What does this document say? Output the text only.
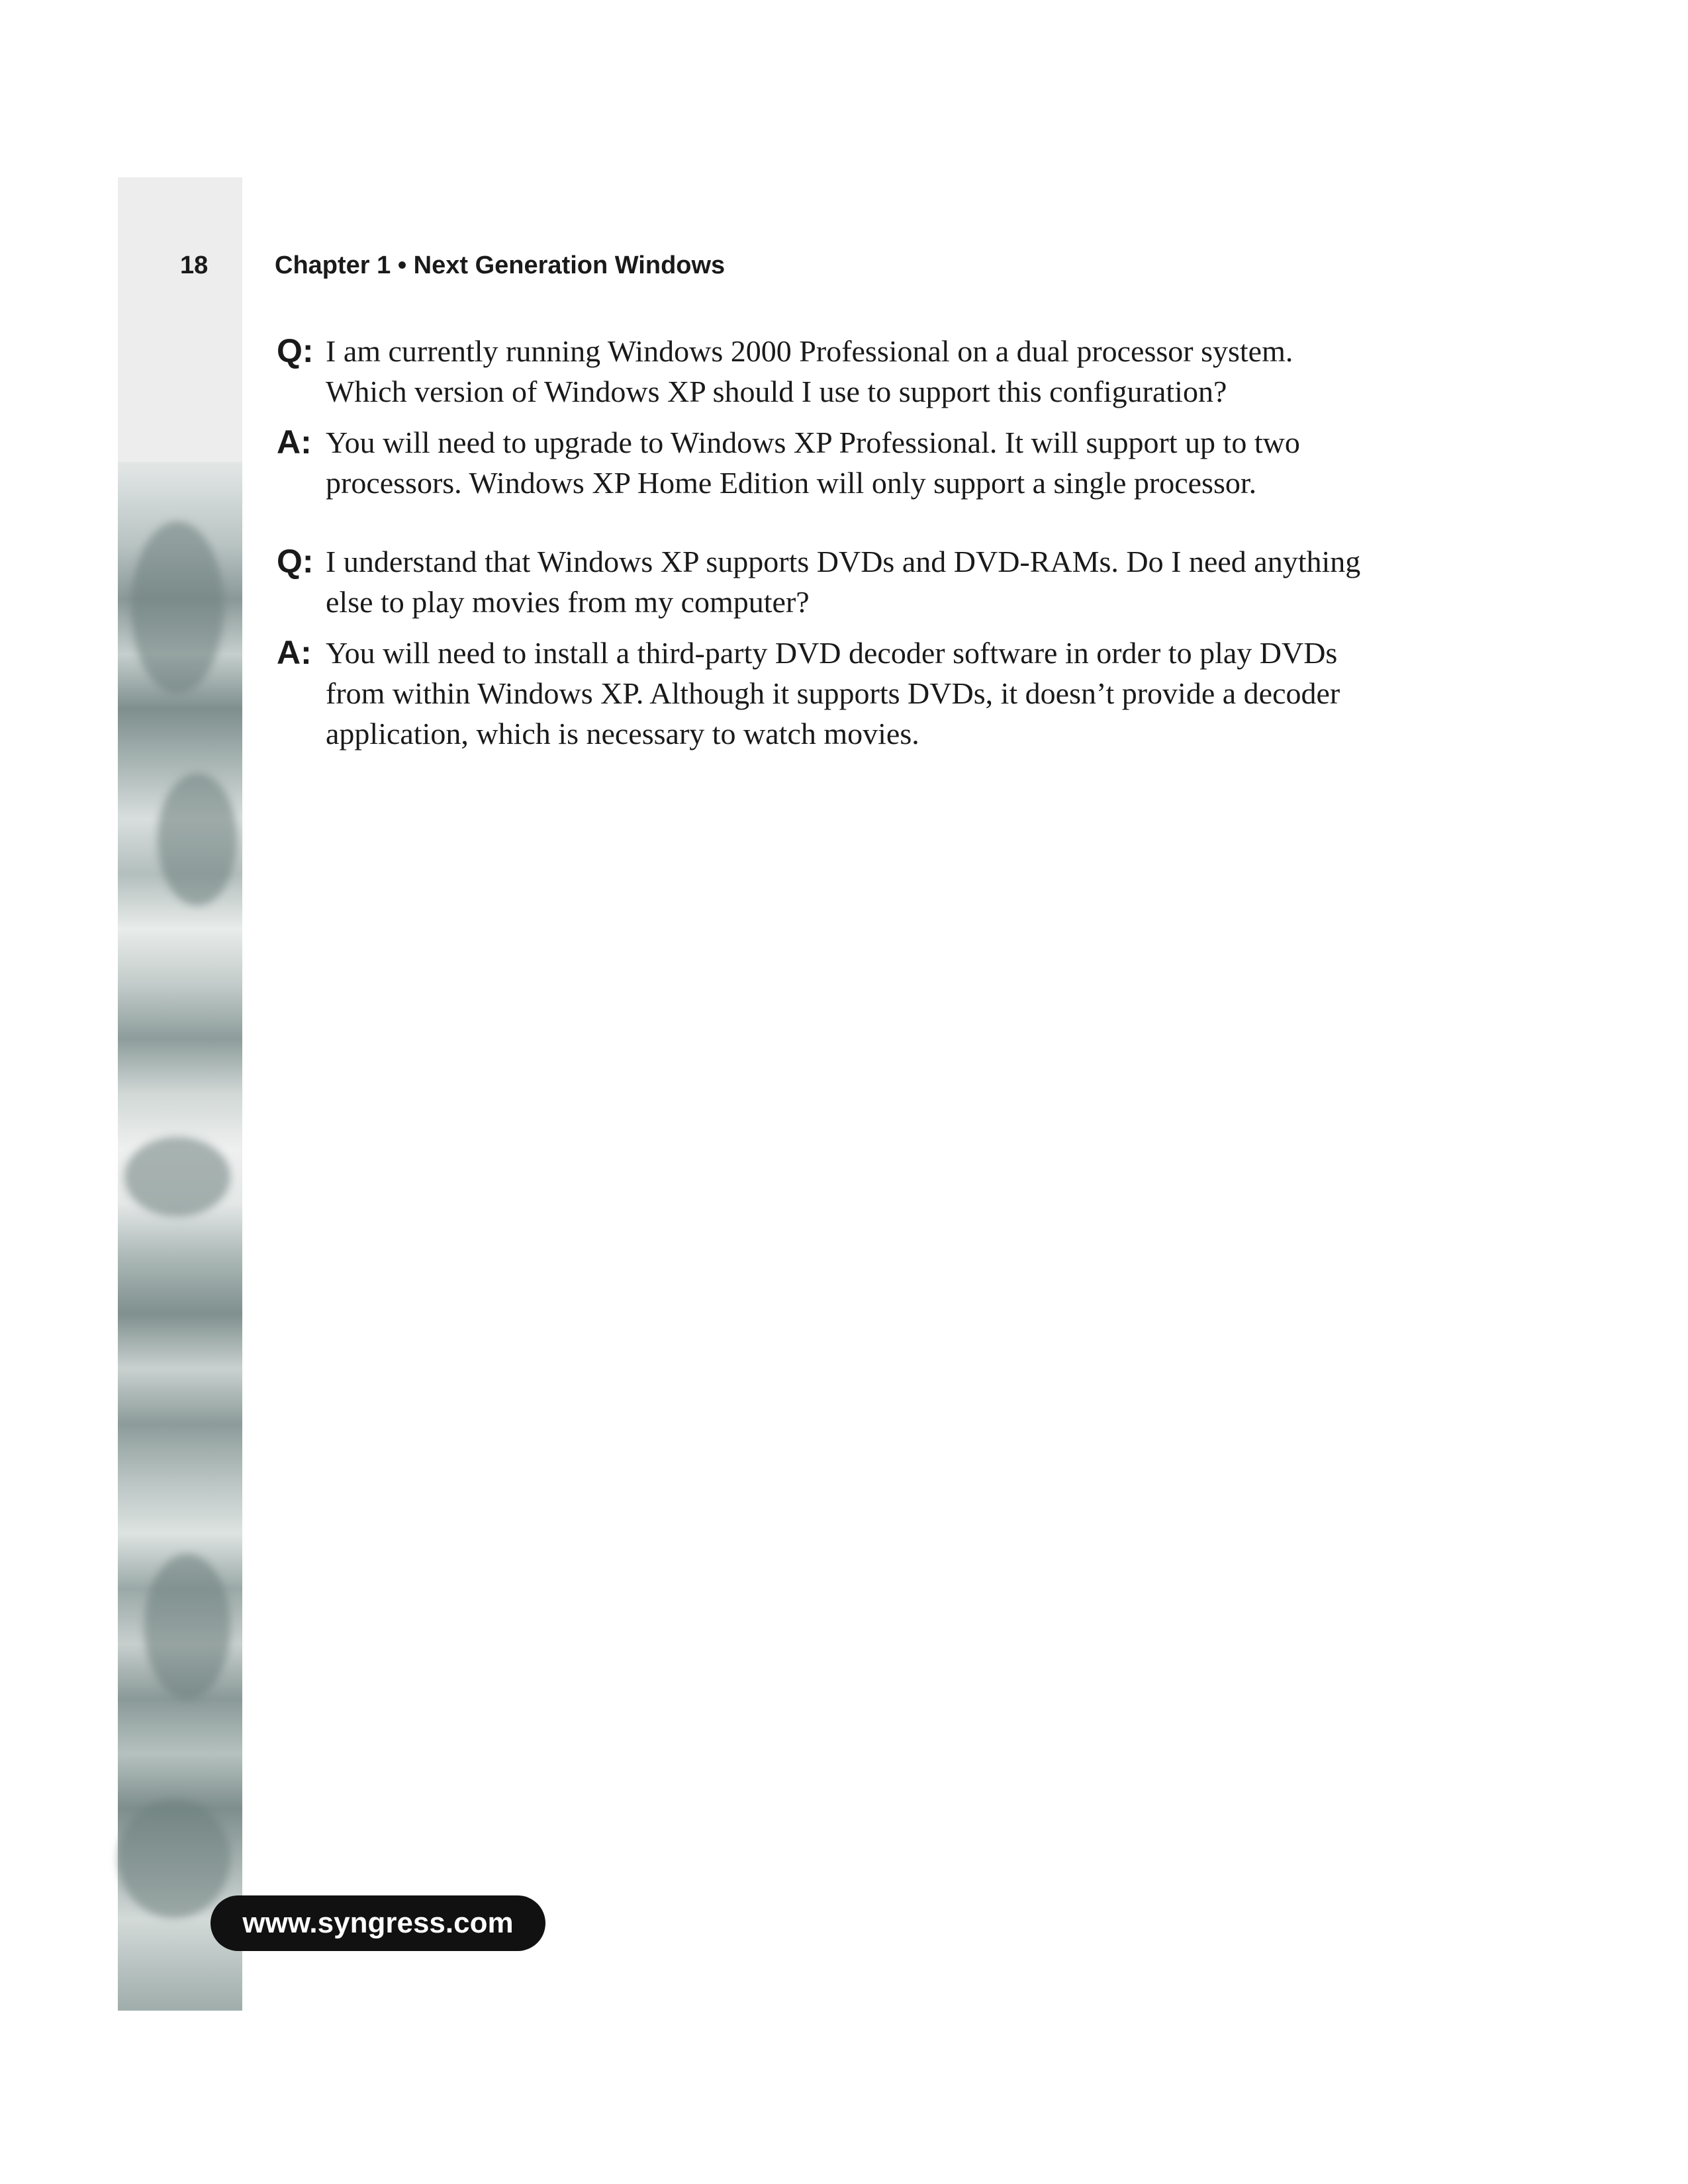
18	Chapter 1 • Next Generation Windows
Q: I am currently running Windows 2000 Professional on a dual processor system. Which version of Windows XP should I use to support this configuration?
A: You will need to upgrade to Windows XP Professional. It will support up to two processors. Windows XP Home Edition will only support a single processor.
Q: I understand that Windows XP supports DVDs and DVD-RAMs. Do I need anything else to play movies from my computer?
A: You will need to install a third-party DVD decoder software in order to play DVDs from within Windows XP. Although it supports DVDs, it doesn’t provide a decoder application, which is necessary to watch movies.
www.syngress.com
